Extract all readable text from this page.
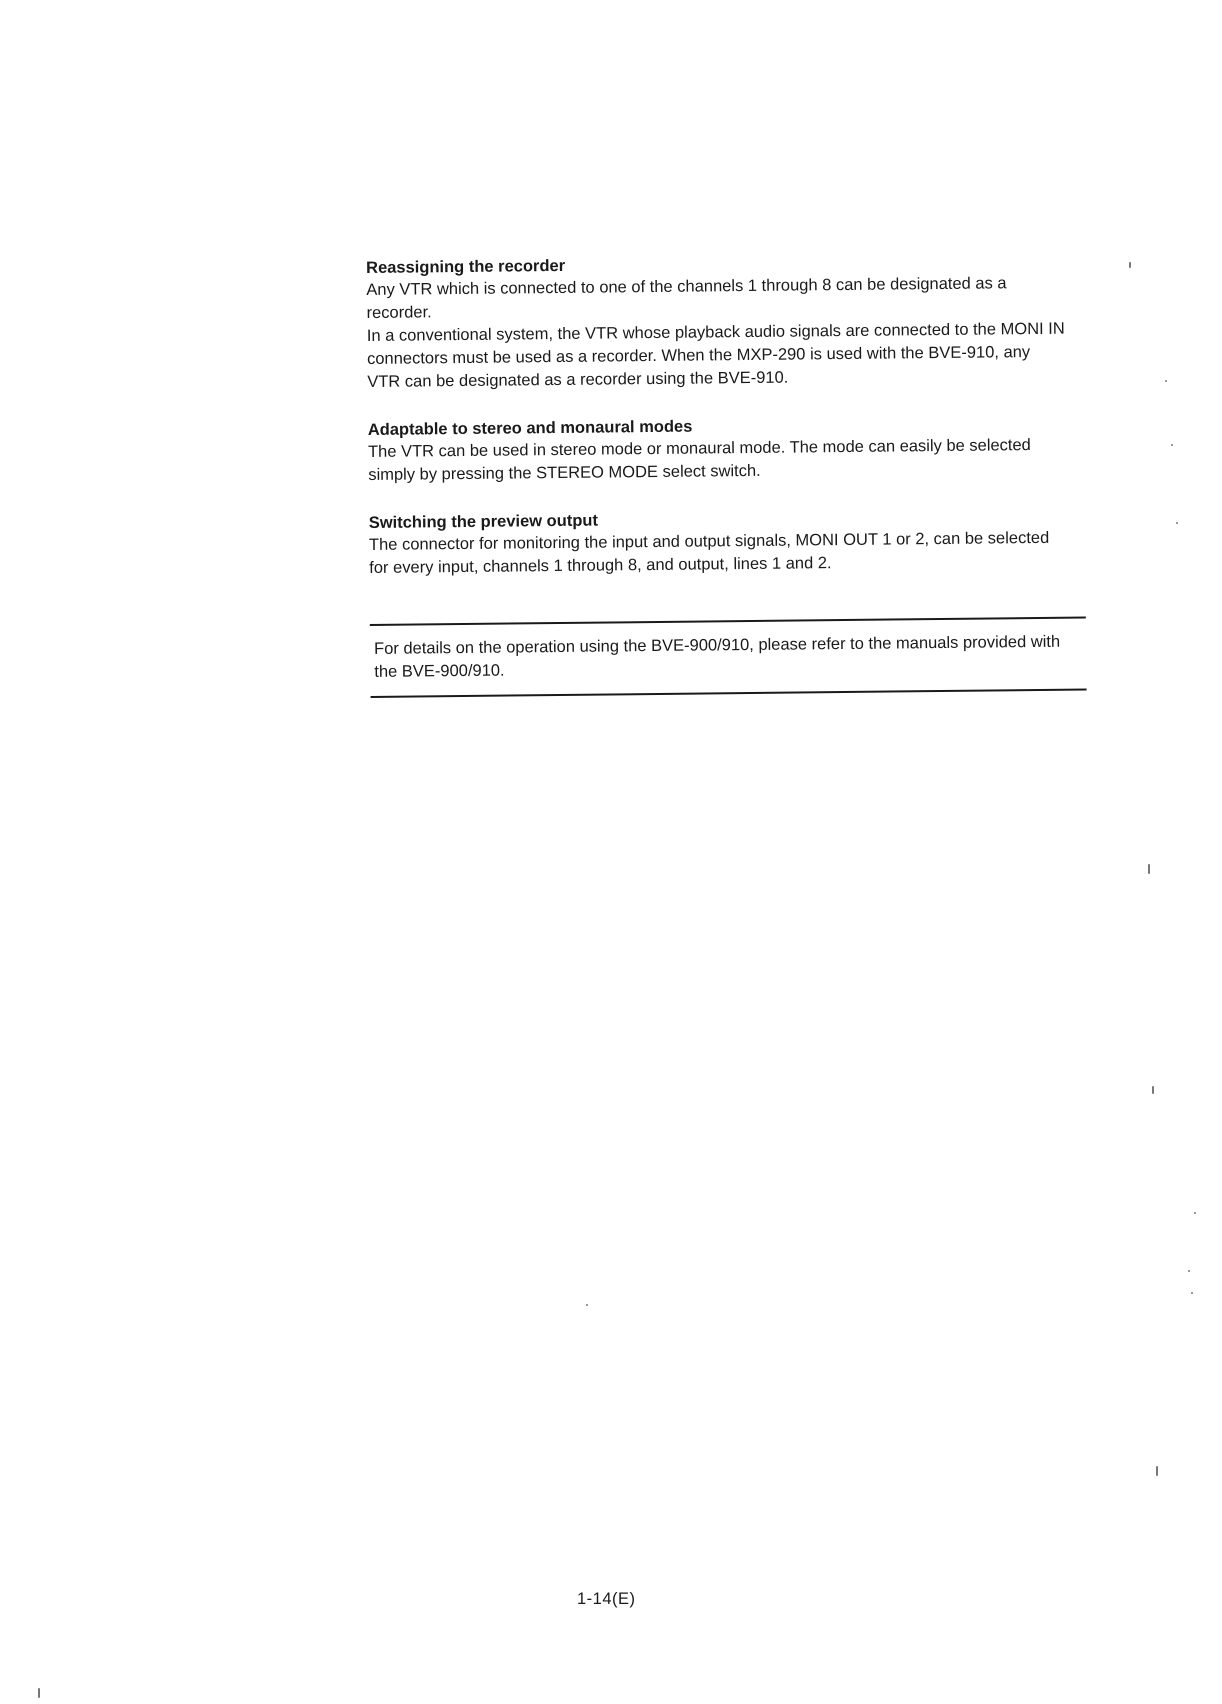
Reassigning the recorder

Any VTR which is connected to one of the channels 1 through 8 can be designated as a recorder.

In a conventional system, the VTR whose playback audio signals are connected to the MONI IN connectors must be used as a recorder. When the MXP-290 is used with the BVE-910, any VTR can be designated as a recorder using the BVE-910.

Adaptable to stereo and monaural modes

The VTR can be used in stereo mode or monaural mode. The mode can easily be selected simply by pressing the STEREO MODE select switch.

Switching the preview output

The connector for monitoring the input and output signals, MONI OUT 1 or 2, can be selected for every input, channels 1 through 8, and output, lines 1 and 2.

For details on the operation using the BVE-900/910, please refer to the manuals provided with the BVE-900/910.

1-14(E)
